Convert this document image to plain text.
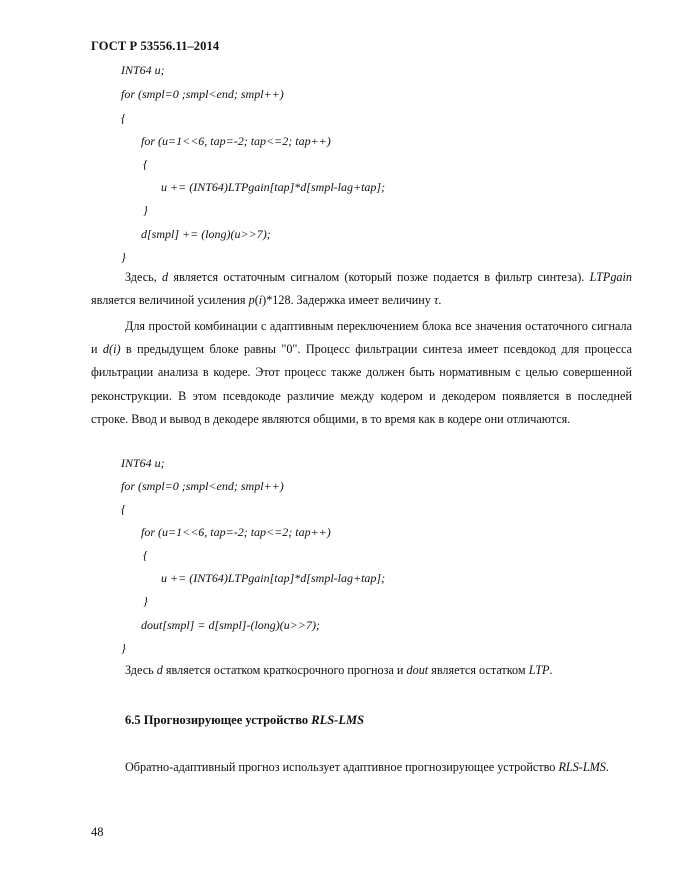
ГОСТ Р 53556.11–2014
INT64 u;
for (smpl=0 ;smpl<end; smpl++)
{
for (u=1<<6, tap=-2; tap<=2; tap++)
{
u += (INT64)LTPgain[tap]*d[smpl-lag+tap];
}
d[smpl] += (long)(u>>7);
}
Здесь, d является остаточным сигналом (который позже подается в фильтр синтеза). LTPgain является величиной усиления p(i)*128. Задержка имеет величину τ.
Для простой комбинации с адаптивным переключением блока все значения остаточного сигнала и d(i) в предыдущем блоке равны "0". Процесс фильтрации синтеза имеет псевдокод для процесса фильтрации анализа в кодере. Этот процесс также должен быть нормативным с целью совершенной реконструкции. В этом псевдокоде различие между кодером и декодером появляется в последней строке. Ввод и вывод в декодере являются общими, в то время как в кодере они отличаются.
INT64 u;
for (smpl=0 ;smpl<end; smpl++)
{
for (u=1<<6, tap=-2; tap<=2; tap++)
{
u += (INT64)LTPgain[tap]*d[smpl-lag+tap];
}
dout[smpl] = d[smpl]-(long)(u>>7);
}
Здесь d является остатком краткосрочного прогноза и dout является остатком LTP.
6.5 Прогнозирующее устройство RLS-LMS
Обратно-адаптивный прогноз использует адаптивное прогнозирующее устройство RLS-LMS.
48
